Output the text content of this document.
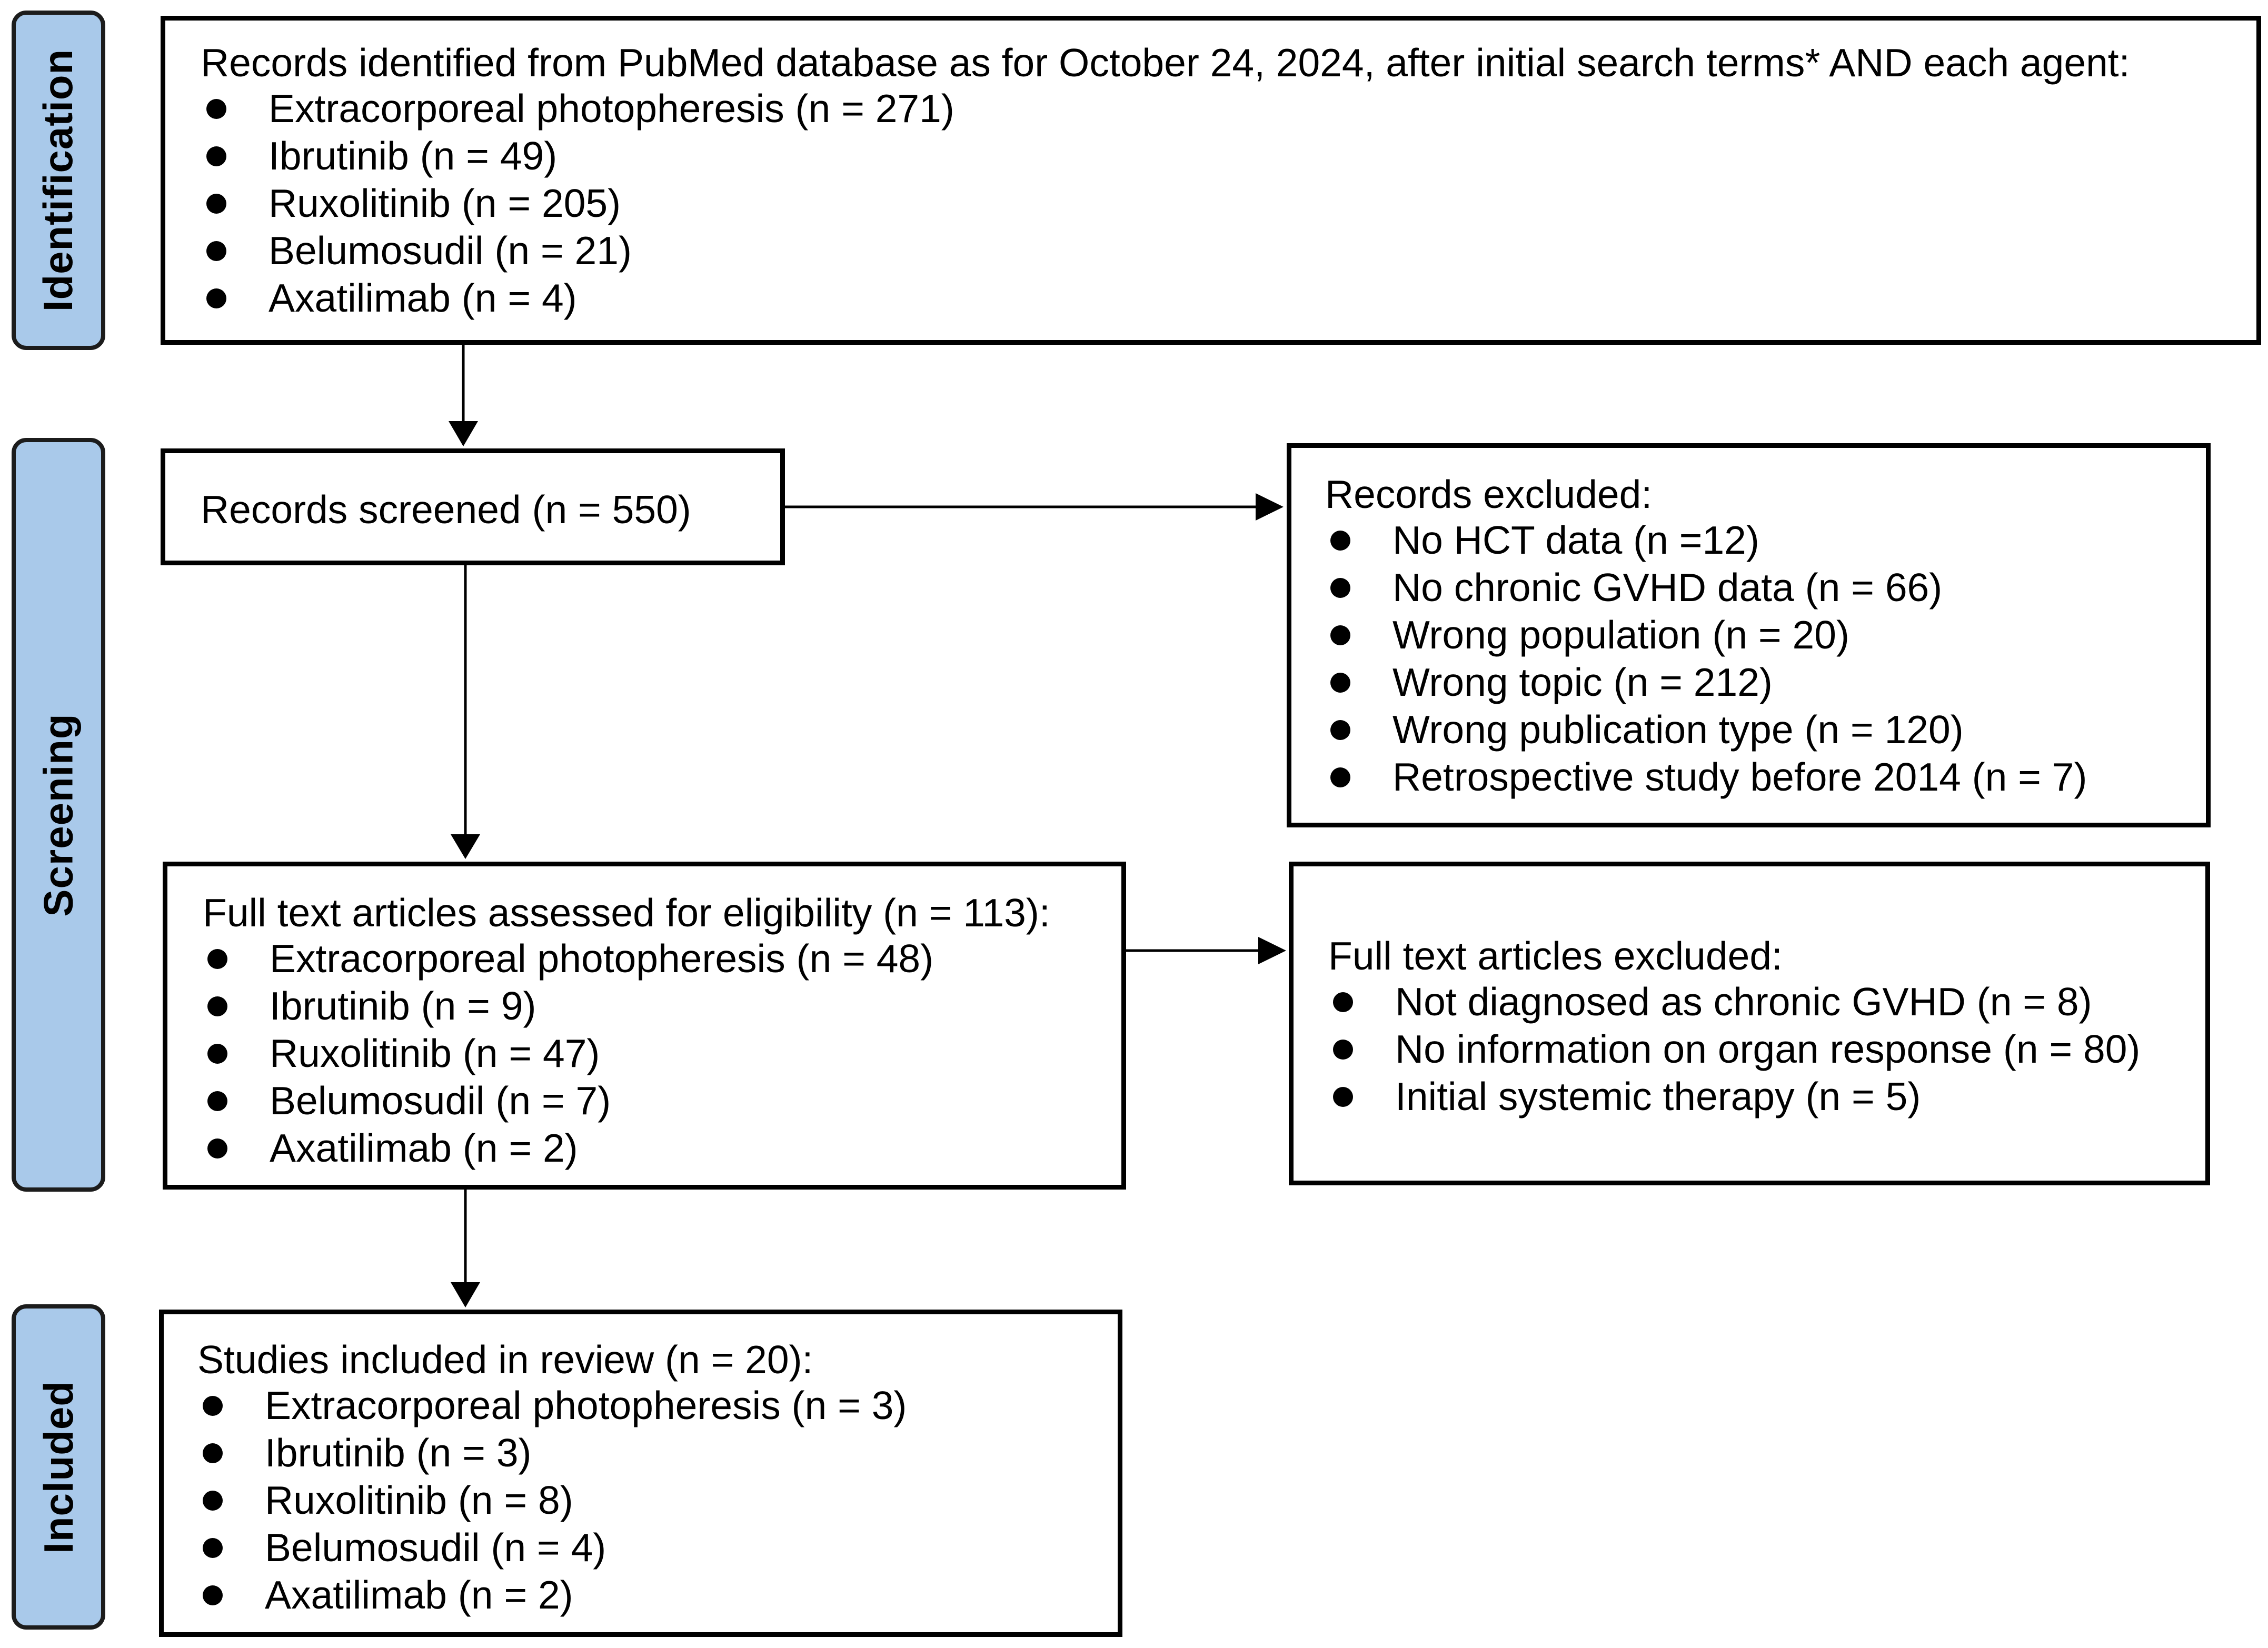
Identification
Screening
Included
Records identified from PubMed database as for October 24, 2024, after initial search terms* AND each agent:
Extracorporeal photopheresis (n = 271)
Ibrutinib (n = 49)
Ruxolitinib (n = 205)
Belumosudil (n = 21)
Axatilimab (n = 4)
Records screened (n = 550)	Records excluded:
No HCT data (n =12)
No chronic GVHD data (n = 66)
Wrong population (n = 20)
Wrong topic (n = 212)
Wrong publication type (n = 120)
Retrospective study before 2014 (n = 7)
Full text articles assessed for eligibility (n = 113):
Extracorporeal photopheresis (n = 48)
Ibrutinib (n = 9)
Ruxolitinib (n = 47)
Belumosudil (n = 7)
Axatilimab (n = 2)
Full text articles excluded:
Not diagnosed as chronic GVHD (n = 8)
No information on organ response (n = 80)
Initial systemic therapy (n = 5)
Studies included in review (n = 20):
Extracorporeal photopheresis (n = 3)
Ibrutinib (n = 3)
Ruxolitinib (n = 8)
Belumosudil (n = 4)
Axatilimab (n = 2)
